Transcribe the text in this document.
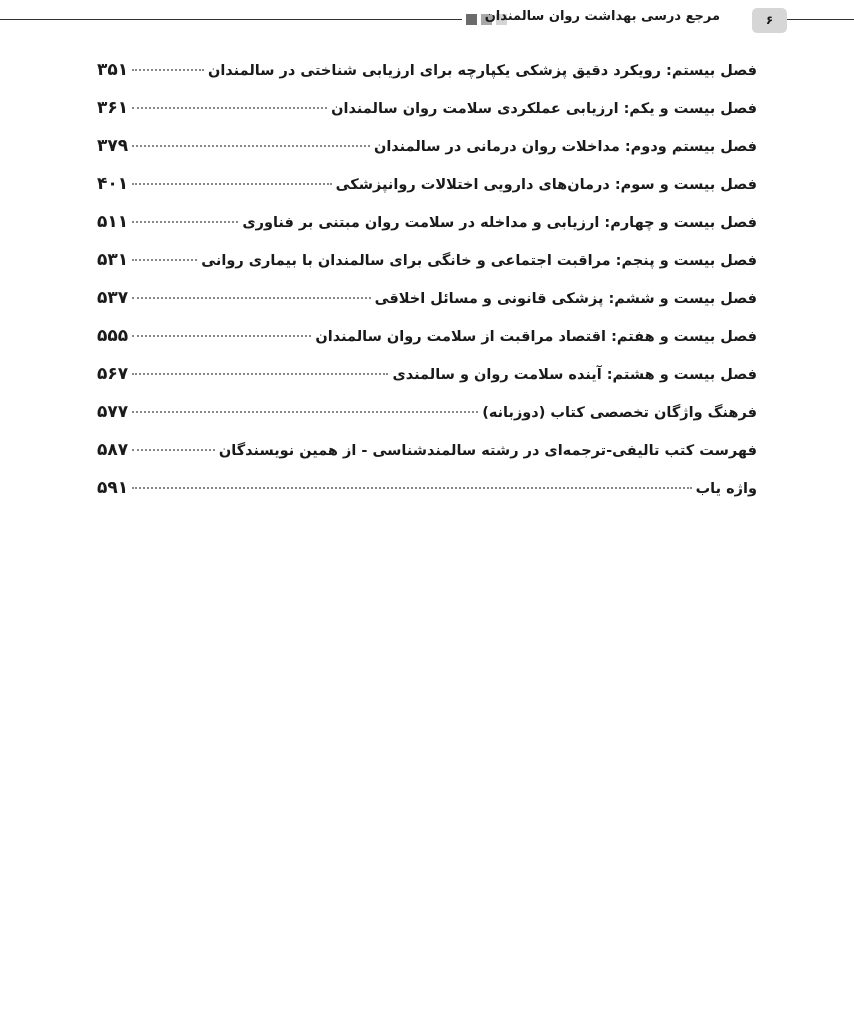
مرجع درسی بهداشت روان سالمندان	۶
فصل بیستم: رویکرد دقیق پزشکی یکپارچه برای ارزیابی شناختی در سالمندان
۳۵۱
فصل بیست و یکم: ارزیابی عملکردی سلامت روان سالمندان
۳۶۱
فصل بیستم ودوم: مداخلات روان درمانی در سالمندان
۳۷۹
فصل بیست و سوم: درمان‌های دارویی اختلالات روانپزشکی
۴۰۱
فصل بیست و چهارم: ارزیابی و مداخله در سلامت روان مبتنی بر فناوری
۵۱۱
فصل بیست و پنجم: مراقبت اجتماعی و خانگی برای سالمندان با بیماری روانی
۵۳۱
فصل بیست و ششم: پزشکی قانونی و مسائل اخلاقی
۵۳۷
فصل بیست و هفتم: اقتصاد مراقبت از سلامت روان سالمندان
۵۵۵
فصل بیست و هشتم: آینده سلامت روان و سالمندی
۵۶۷
فرهنگ واژگان تخصصی کتاب (دوزبانه)
۵۷۷
فهرست کتب تالیفی-ترجمه‌ای در رشته سالمندشناسی - از همین نویسندگان
۵۸۷
واژه یاب
۵۹۱
